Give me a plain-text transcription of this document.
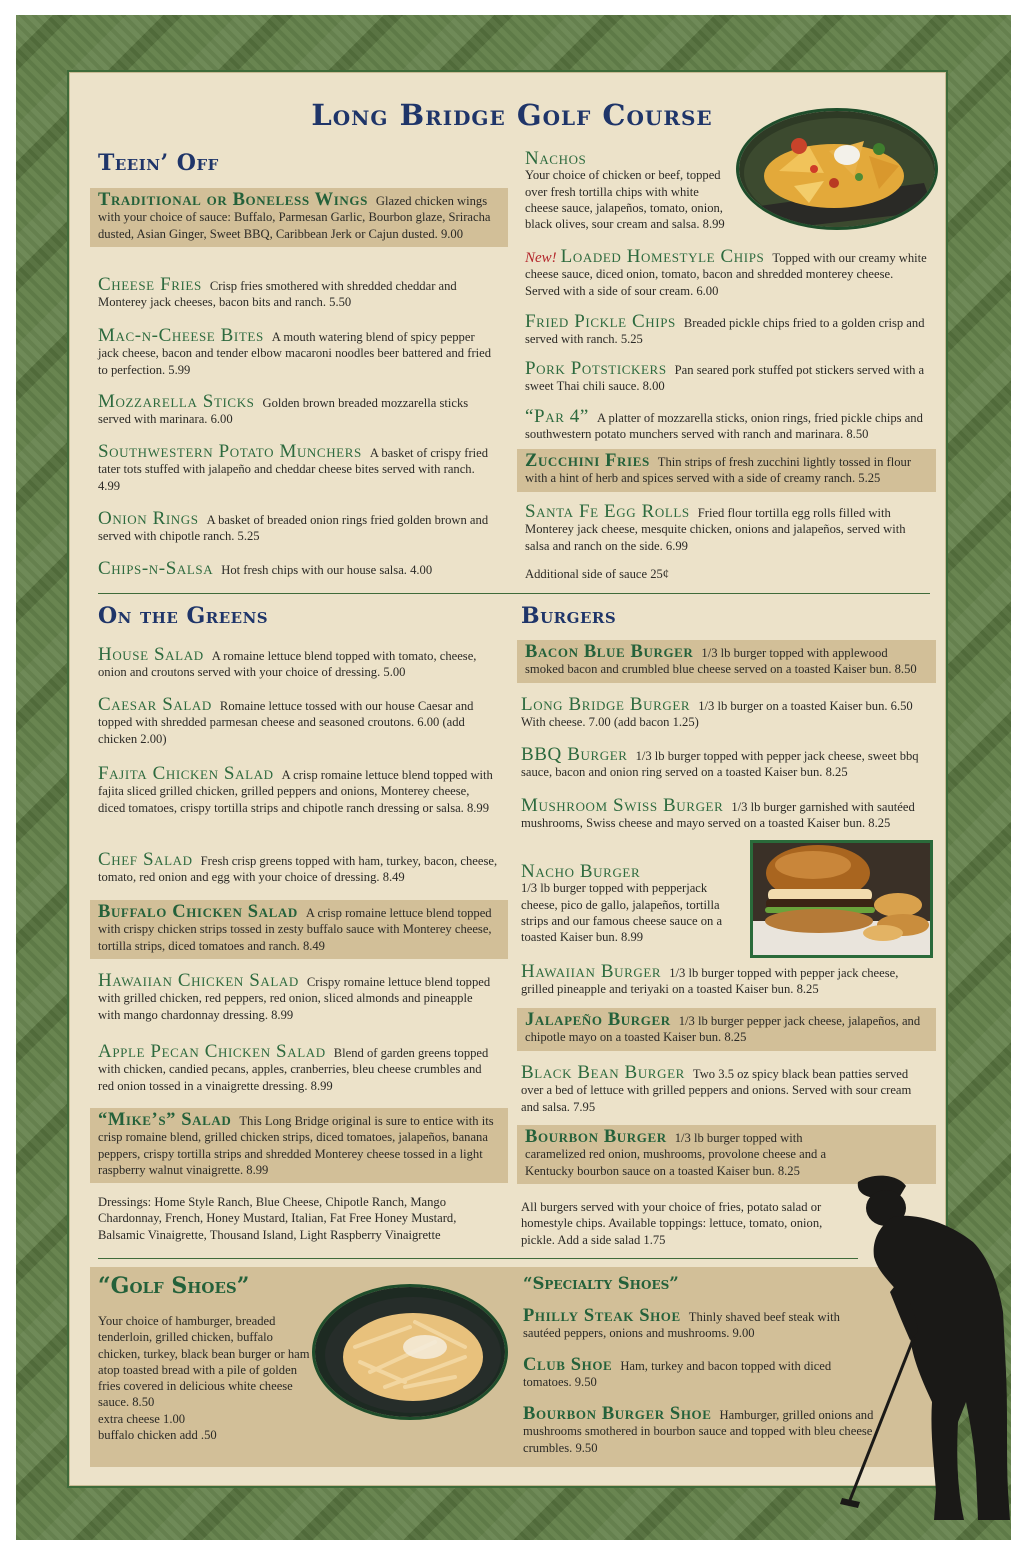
Long Bridge Golf Course
Teein’ Off
Traditional or Boneless Wings Glazed chicken wings with your choice of sauce: Buffalo, Parmesan Garlic, Bourbon glaze, Sriracha dusted, Asian Ginger, Sweet BBQ, Caribbean Jerk or Cajun dusted. 9.00
Cheese Fries Crisp fries smothered with shredded cheddar and Monterey jack cheeses, bacon bits and ranch. 5.50
Mac-n-Cheese Bites A mouth watering blend of spicy pepper jack cheese, bacon and tender elbow macaroni noodles beer battered and fried to perfection. 5.99
Mozzarella Sticks Golden brown breaded mozzarella sticks served with marinara. 6.00
Southwestern Potato Munchers A basket of crispy fried tater tots stuffed with jalapeño and cheddar cheese bites served with ranch. 4.99
Onion Rings A basket of breaded onion rings fried golden brown and served with chipotle ranch. 5.25
Chips-n-Salsa Hot fresh chips with our house salsa. 4.00
Nachos
Your choice of chicken or beef, topped over fresh tortilla chips with white cheese sauce, jalapeños, tomato, onion, black olives, sour cream and salsa. 8.99
New! Loaded Homestyle Chips Topped with our creamy white cheese sauce, diced onion, tomato, bacon and shredded monterey cheese. Served with a side of sour cream. 6.00
Fried Pickle Chips Breaded pickle chips fried to a golden crisp and served with ranch. 5.25
Pork Potstickers Pan seared pork stuffed pot stickers served with a sweet Thai chili sauce. 8.00
“Par 4” A platter of mozzarella sticks, onion rings, fried pickle chips and southwestern potato munchers served with ranch and marinara. 8.50
Zucchini Fries Thin strips of fresh zucchini lightly tossed in flour with a hint of herb and spices served with a side of creamy ranch. 5.25
Santa Fe Egg Rolls Fried flour tortilla egg rolls filled with Monterey jack cheese, mesquite chicken, onions and jalapeños, served with salsa and ranch on the side. 6.99
Additional side of sauce 25¢
On the Greens
House Salad A romaine lettuce blend topped with tomato, cheese, onion and croutons served with your choice of dressing. 5.00
Caesar Salad Romaine lettuce tossed with our house Caesar and topped with shredded parmesan cheese and seasoned croutons. 6.00 (add chicken 2.00)
Fajita Chicken Salad A crisp romaine lettuce blend topped with fajita sliced grilled chicken, grilled peppers and onions, Monterey cheese, diced tomatoes, crispy tortilla strips and chipotle ranch dressing or salsa. 8.99
Chef Salad Fresh crisp greens topped with ham, turkey, bacon, cheese, tomato, red onion and egg with your choice of dressing. 8.49
Buffalo Chicken Salad A crisp romaine lettuce blend topped with crispy chicken strips tossed in zesty buffalo sauce with Monterey cheese, tortilla strips, diced tomatoes and ranch. 8.49
Hawaiian Chicken Salad Crispy romaine lettuce blend topped with grilled chicken, red peppers, red onion, sliced almonds and pineapple with mango chardonnay dressing. 8.99
Apple Pecan Chicken Salad Blend of garden greens topped with chicken, candied pecans, apples, cranberries, bleu cheese crumbles and red onion tossed in a vinaigrette dressing. 8.99
“Mike’s” Salad This Long Bridge original is sure to entice with its crisp romaine blend, grilled chicken strips, diced tomatoes, jalapeños, banana peppers, crispy tortilla strips and shredded Monterey cheese tossed in a light raspberry walnut vinaigrette. 8.99
Dressings: Home Style Ranch, Blue Cheese, Chipotle Ranch, Mango Chardonnay, French, Honey Mustard, Italian, Fat Free Honey Mustard, Balsamic Vinaigrette, Thousand Island, Light Raspberry Vinaigrette
Burgers
Bacon Blue Burger 1/3 lb burger topped with applewood smoked bacon and crumbled blue cheese served on a toasted Kaiser bun. 8.50
Long Bridge Burger 1/3 lb burger on a toasted Kaiser bun. 6.50 With cheese. 7.00 (add bacon 1.25)
BBQ Burger 1/3 lb burger topped with pepper jack cheese, sweet bbq sauce, bacon and onion ring served on a toasted Kaiser bun. 8.25
Mushroom Swiss Burger 1/3 lb burger garnished with sautéed mushrooms, Swiss cheese and mayo served on a toasted Kaiser bun. 8.25
Nacho Burger
1/3 lb burger topped with pepperjack cheese, pico de gallo, jalapeños, tortilla strips and our famous cheese sauce on a toasted Kaiser bun. 8.99
Hawaiian Burger 1/3 lb burger topped with pepper jack cheese, grilled pineapple and teriyaki on a toasted Kaiser bun. 8.25
Jalapeño Burger 1/3 lb burger pepper jack cheese, jalapeños, and chipotle mayo on a toasted Kaiser bun. 8.25
Black Bean Burger Two 3.5 oz spicy black bean patties served over a bed of lettuce with grilled peppers and onions. Served with sour cream and salsa. 7.95
Bourbon Burger 1/3 lb burger topped with caramelized red onion, mushrooms, provolone cheese and a Kentucky bourbon sauce on a toasted Kaiser bun. 8.25
All burgers served with your choice of fries, potato salad or homestyle chips. Available toppings: lettuce, tomato, onion, pickle. Add a side salad 1.75
“Golf Shoes”
Your choice of hamburger, breaded tenderloin, grilled chicken, buffalo chicken, turkey, black bean burger or ham atop toasted bread with a pile of golden fries covered in delicious white cheese sauce. 8.50
extra cheese 1.00
buffalo chicken add .50
“Specialty Shoes”
Philly Steak Shoe Thinly shaved beef steak with sautéed peppers, onions and mushrooms. 9.00
Club Shoe Ham, turkey and bacon topped with diced tomatoes. 9.50
Bourbon Burger Shoe Hamburger, grilled onions and mushrooms smothered in bourbon sauce and topped with bleu cheese crumbles. 9.50
